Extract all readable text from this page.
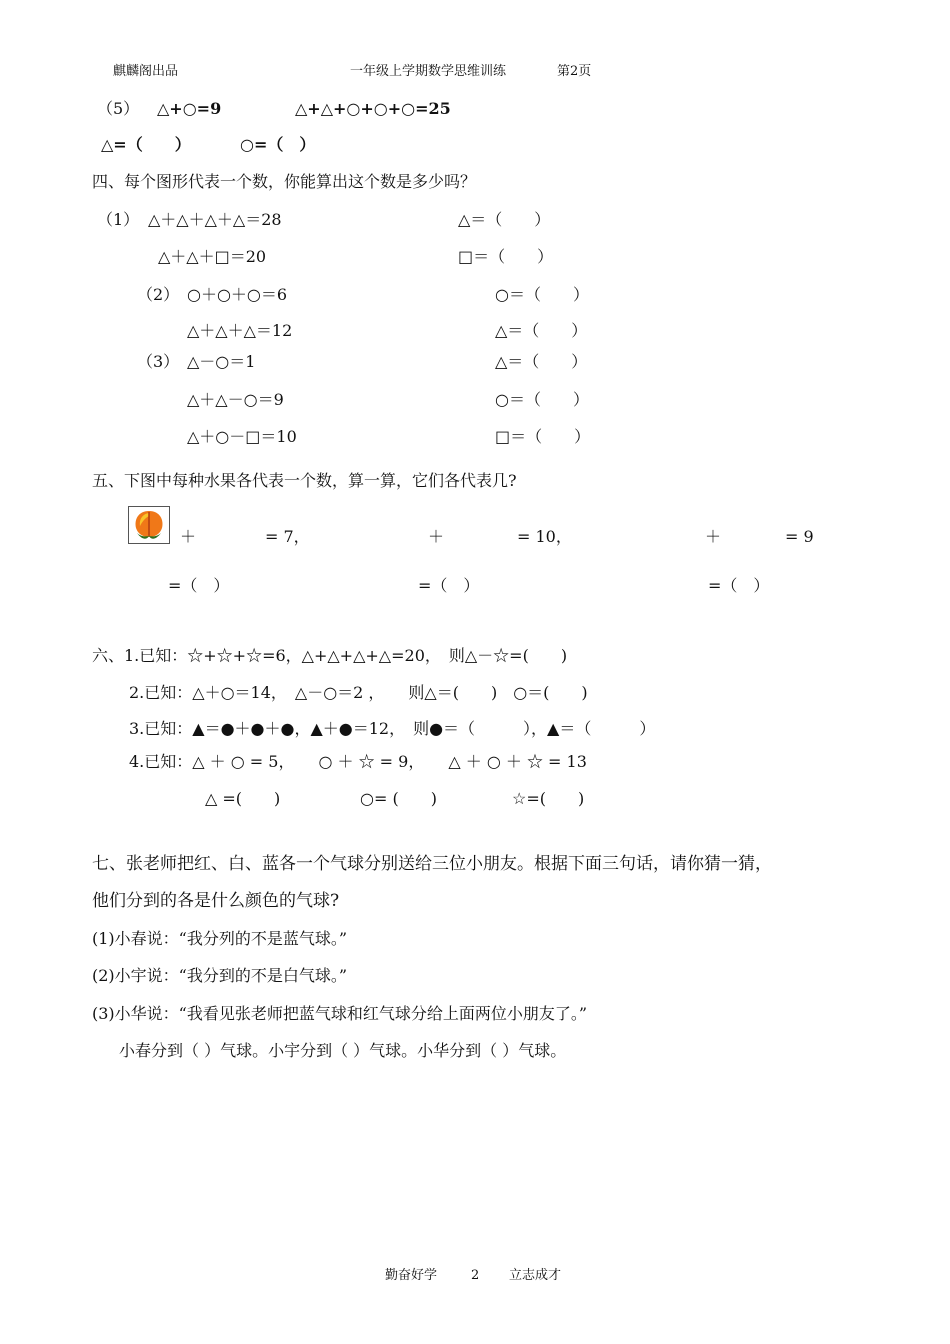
麒麟阁出品	一年级上学期数学思维训练	第2页
（5） △+○=9	△+△+○+○+○=25
△=（　　）	○=（　）
四、每个图形代表一个数，你能算出这个数是多少吗？
（1） △＋△＋△＋△＝28	△＝（　　）
△＋△＋□＝20	□＝（　　）
（2） ○＋○＋○＝6	○＝（　　）
△＋△＋△＝12	△＝（　　）
（3） △－○＝1	△＝（　　）
△＋△－○＝9	○＝（　　）
△＋○－□＝10	□＝（　　）
五、下图中每种水果各代表一个数，算一算，它们各代表几?
＋	= 7，	＋	= 10，	＋	= 9
=（　）	=（　）	=（　）
六、1.已知：☆+☆+☆=6，△+△+△+△=20，　则△－☆=(　　)
2.已知：△＋○＝14，　△－○＝2 ，　　则△＝(　　)　○＝(　　)
3.已知：▲＝●＋●＋●，▲＋●＝12，　则●＝（　　　），▲＝（　　　）
4.已知：△ ＋ ○ = 5，　　○ ＋ ☆ = 9，　　△ ＋ ○ ＋ ☆ = 13
△ =(　　)	○= (　　)	☆=(　　)
七、张老师把红、白、蓝各一个气球分别送给三位小朋友。根据下面三句话，请你猜一猜，
他们分到的各是什么颜色的气球?
(1)小春说：“我分列的不是蓝气球。”
(2)小宇说：“我分到的不是白气球。”
(3)小华说：“我看见张老师把蓝气球和红气球分给上面两位小朋友了。”
小春分到（ ）气球。小宇分到（ ）气球。小华分到（ ）气球。
勤奋好学	2 立志成才
